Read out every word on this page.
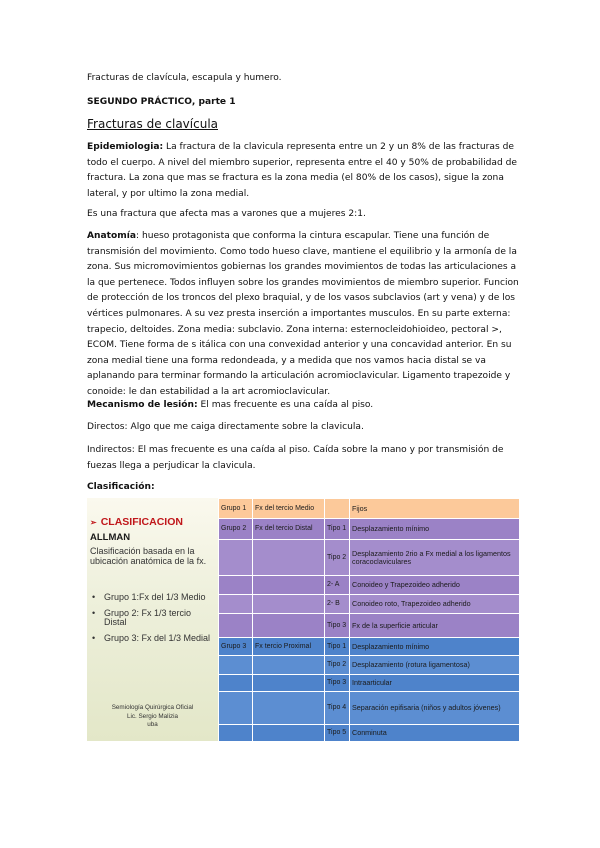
Fracturas de clavícula, escapula y humero.

SEGUNDO PRÁCTICO, parte 1

Fracturas de clavícula

Epidemiologia: La fractura de la clavicula representa entre un 2 y un 8% de las fracturas de todo el cuerpo. A nivel del miembro superior, representa entre el 40 y 50% de probabilidad de fractura. La zona que mas se fractura es la zona media (el 80% de los casos), sigue la zona lateral, y por ultimo la zona medial.

Es una fractura que afecta mas a varones que a mujeres 2:1.

Anatomía: hueso protagonista que conforma la cintura escapular. Tiene una función de transmisión del movimiento. Como todo hueso clave, mantiene el equilibrio y la armonía de la zona. Sus micromovimientos gobiernas los grandes movimientos de todas las articulaciones a la que pertenece. Todos influyen sobre los grandes movimientos de miembro superior. Funcion de protección de los troncos del plexo braquial, y de los vasos subclavios (art y vena) y de los vértices pulmonares. A su vez presta inserción a importantes musculos. En su parte externa: trapecio, deltoides. Zona media: subclavio. Zona interna: esternocleidohioideo, pectoral >, ECOM. Tiene forma de s itálica con una convexidad anterior y una concavidad anterior. En su zona medial tiene una forma redondeada, y a medida que nos vamos hacia distal se va aplanando para terminar formando la articulación acromioclavicular. Ligamento trapezoide y conoide: le dan estabilidad a la art acromioclavicular.

Mecanismo de lesión: El mas frecuente es una caída al piso.

Directos: Algo que me caiga directamente sobre la clavicula.

Indirectos: El mas frecuente es una caída al piso. Caída sobre la mano y por transmisión de fuezas llega a perjudicar la clavicula.

Clasificación:

➢ CLASIFICACION
ALLMAN
Clasificación basada en la ubicación anatómica de la fx.
• Grupo 1:Fx del 1/3 Medio
• Grupo 2: Fx 1/3 tercio Distal
• Grupo 3: Fx del 1/3 Medial
Semiología Quirúrgica Oficial
Lic. Sergio Malizia
uba
Grupo 1	Fx del tercio Medio		Fijos
Grupo 2	Fx del tercio Distal	Tipo 1	Desplazamiento mínimo
		Tipo 2	Desplazamiento 2rio a Fx medial a los ligamentos coracoclaviculares
		2- A	Conoideo y Trapezoideo adherido
		2- B	Conoideo roto, Trapezoideo adherido
		Tipo 3	Fx de la superficie articular
Grupo 3	Fx tercio Proximal	Tipo 1	Desplazamiento mínimo
		Tipo 2	Desplazamiento (rotura ligamentosa)
		Tipo 3	Intraarticular
		Tipo 4	Separación epifisaria (niños y adultos jóvenes)
		Tipo 5	Conminuta
